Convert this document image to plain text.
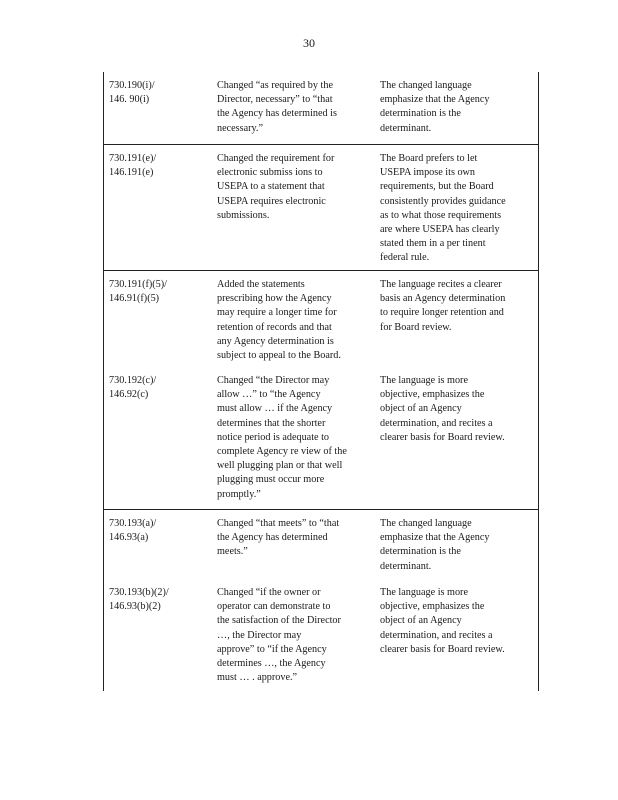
30
730.190(i)/
146. 90(i)
Changed “as required by the
Director, necessary” to “that
the Agency has determined is
necessary.”
The changed language
emphasize that the Agency
determination is the
determinant.
730.191(e)/
146.191(e)
Changed the requirement for
electronic submiss ions to
USEPA to a statement that
USEPA requires electronic
submissions.
The Board prefers to let
USEPA impose its own
requirements, but the Board
consistently provides guidance
as to what those requirements
are where USEPA has clearly
stated them in a per tinent
federal rule.
730.191(f)(5)/
146.91(f)(5)
Added the statements
prescribing how the Agency
may require a longer time for
retention of records and that
any Agency determination is
subject to appeal to the Board.
The language recites a clearer
basis an Agency determination
to require longer retention and
for Board review.
730.192(c)/
146.92(c)
Changed “the Director may
allow …” to “the Agency
must allow … if the Agency
determines that the shorter
notice period is adequate to
complete Agency re view of the
well plugging plan or that well
plugging must occur more
promptly.”
The language is more
objective, emphasizes the
object of an Agency
determination, and recites a
clearer basis for Board review.
730.193(a)/
146.93(a)
Changed “that meets” to “that
the Agency has determined
meets.”
The changed language
emphasize that the Agency
determination is the
determinant.
730.193(b)(2)/
146.93(b)(2)
Changed “if the owner or
operator can demonstrate to
the satisfaction of the Director
…, the Director may
approve” to “if the Agency
determines …, the Agency
must … . approve.”
The language is more
objective, emphasizes the
object of an Agency
determination, and recites a
clearer basis for Board review.
